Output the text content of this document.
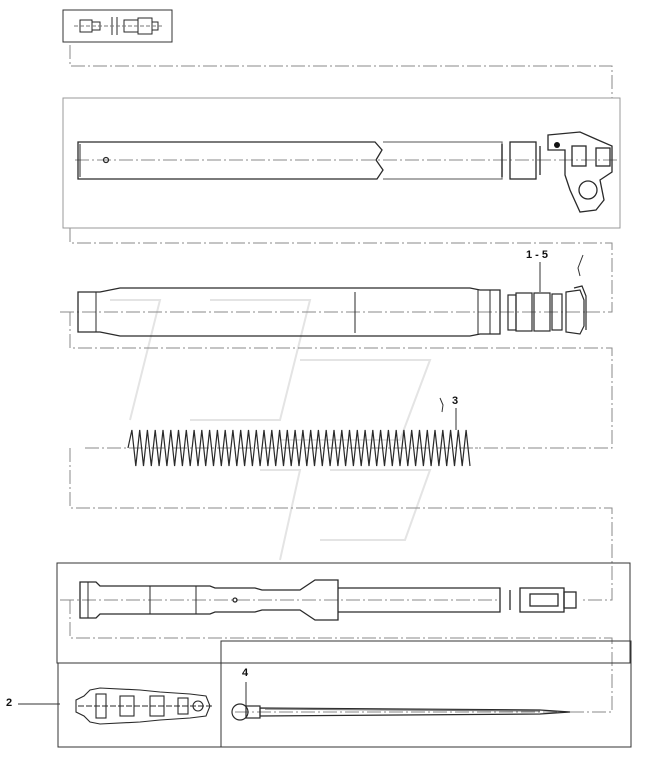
1 - 5
2
3
4
